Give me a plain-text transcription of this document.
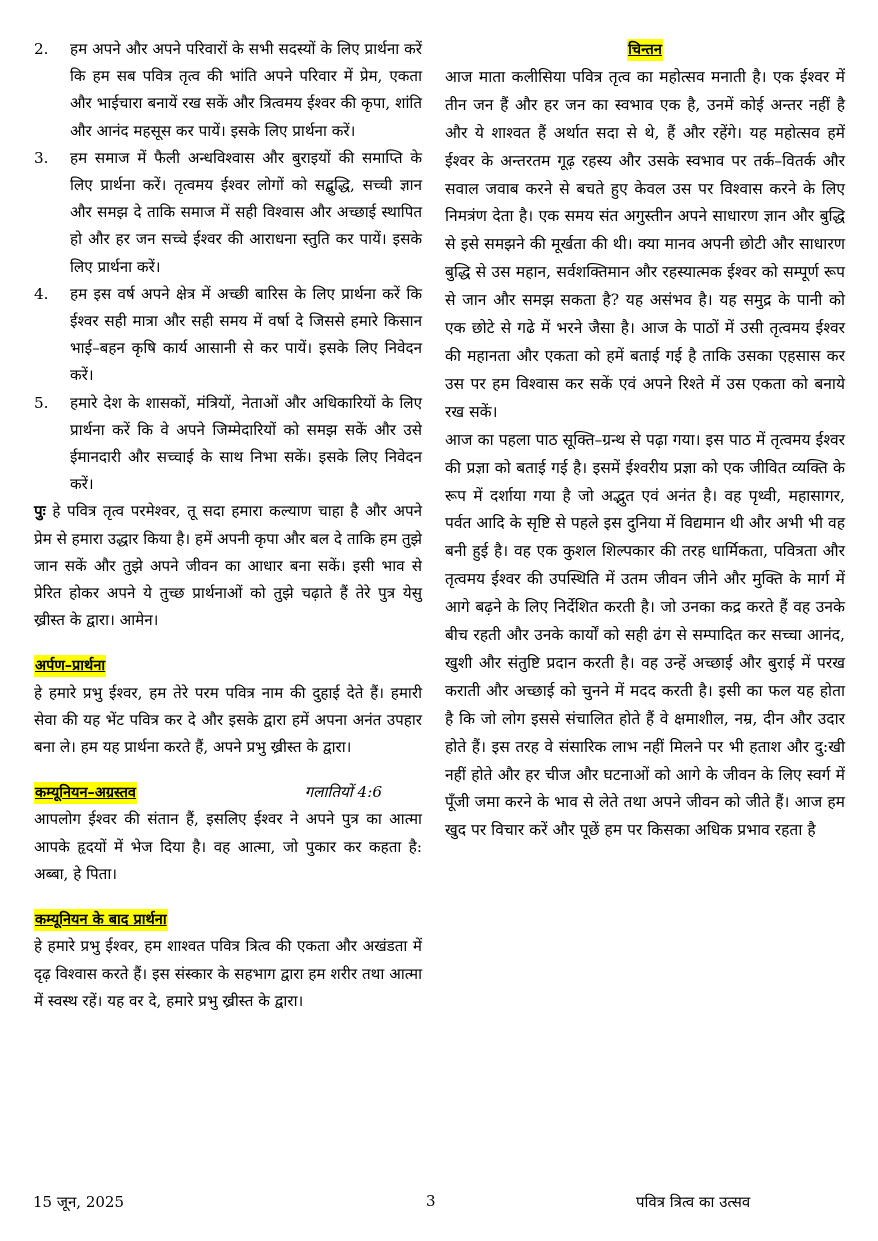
2.	हम अपने और अपने परिवारों के सभी सदस्यों के लिए प्रार्थना करें कि हम सब पवित्र तृत्व की भांति अपने परिवार में प्रेम, एकता और भाईचारा बनायें रख सकें और त्रित्वमय ईश्वर की कृपा, शांति और आनंद महसूस कर पायें। इसके लिए प्रार्थना करें।
3.	हम समाज में फैली अन्धविश्वास और बुराइयों की समाप्ति के लिए प्रार्थना करें। तृत्वमय ईश्वर लोगों को सद्बुद्धि, सच्ची ज्ञान और समझ दे ताकि समाज में सही विश्वास और अच्छाई स्थापित हो और हर जन सच्चे ईश्वर की आराधना स्तुति कर पायें। इसके लिए प्रार्थना करें।
4.	हम इस वर्ष अपने क्षेत्र में अच्छी बारिस के लिए प्रार्थना करें कि ईश्वर सही मात्रा और सही समय में वर्षा दे जिससे हमारे किसान भाई–बहन कृषि कार्य आसानी से कर पायें। इसके लिए निवेदन करें।
5.	हमारे देश के शासकों, मंत्रियों, नेताओं और अधिकारियों के लिए प्रार्थना करें कि वे अपने जिम्मेदारियों को समझ सकें और उसे ईमानदारी और सच्चाई के साथ निभा सकें। इसके लिए निवेदन करें।

पुः हे पवित्र तृत्व परमेश्वर, तू सदा हमारा कल्याण चाहा है और अपने प्रेम से हमारा उद्धार किया है। हमें अपनी कृपा और बल दे ताकि हम तुझे जान सकें और तुझे अपने जीवन का आधार बना सकें। इसी भाव से प्रेरित होकर अपने ये तुच्छ प्रार्थनाओं को तुझे चढ़ाते हैं तेरे पुत्र येसु ख्रीस्त के द्वारा। आमेन।

अर्पण–प्रार्थना

हे हमारे प्रभु ईश्वर, हम तेरे परम पवित्र नाम की दुहाई देते हैं। हमारी सेवा की यह भेंट पवित्र कर दे और इसके द्वारा हमें अपना अनंत उपहार बना ले। हम यह प्रार्थना करते हैं, अपने प्रभु ख्रीस्त के द्वारा।

कम्यूनियन–अग्रस्तव	गलातियों 4:6

आपलोग ईश्वर की संतान हैं, इसलिए ईश्वर ने अपने पुत्र का आत्मा आपके हृदयों में भेज दिया है। वह आत्मा, जो पुकार कर कहता है: अब्बा, हे पिता।

कम्यूनियन के बाद प्रार्थना

हे हमारे प्रभु ईश्वर, हम शाश्वत पवित्र त्रित्व की एकता और अखंडता में दृढ़ विश्वास करते हैं। इस संस्कार के सहभाग द्वारा हम शरीर तथा आत्मा में स्वस्थ रहें। यह वर दे, हमारे प्रभु ख्रीस्त के द्वारा।

चिन्तन

आज माता कलीसिया पवित्र तृत्व का महोत्सव मनाती है। एक ईश्वर में तीन जन हैं और हर जन का स्वभाव एक है, उनमें कोई अन्तर नहीं है और ये शाश्वत हैं अर्थात सदा से थे, हैं और रहेंगे। यह महोत्सव हमें ईश्वर के अन्तरतम गूढ़ रहस्य और उसके स्वभाव पर तर्क–वितर्क और सवाल जवाब करने से बचते हुए केवल उस पर विश्वास करने के लिए निमत्रंण देता है। एक समय संत अगुस्तीन अपने साधारण ज्ञान और बुद्धि से इसे समझने की मूर्खता की थी। क्या मानव अपनी छोटी और साधारण बुद्धि से उस महान, सर्वशक्तिमान और रहस्यात्मक ईश्वर को सम्पूर्ण रूप से जान और समझ सकता है? यह असंभव है। यह समुद्र के पानी को एक छोटे से गढे में भरने जैसा है। आज के पाठों में उसी तृत्वमय ईश्वर की महानता और एकता को हमें बताई गई है ताकि उसका एहसास कर उस पर हम विश्वास कर सकें एवं अपने रिश्ते में उस एकता को बनाये रख सकें।

आज का पहला पाठ सूक्ति–ग्रन्थ से पढ़ा गया। इस पाठ में तृत्वमय ईश्वर की प्रज्ञा को बताई गई है। इसमें ईश्वरीय प्रज्ञा को एक जीवित व्यक्ति के रूप में दर्शाया गया है जो अद्भुत एवं अनंत है। वह पृथ्वी, महासागर, पर्वत आदि के सृष्टि से पहले इस दुनिया में विद्यमान थी और अभी भी वह बनी हुई है। वह एक कुशल शिल्पकार की तरह धार्मिकता, पवित्रता और तृत्वमय ईश्वर की उपस्थिति में उतम जीवन जीने और मुक्ति के मार्ग में आगे बढ़ने के लिए निर्देशित करती है। जो उनका कद्र करते हैं वह उनके बीच रहती और उनके कार्यों को सही ढंग से सम्पादित कर सच्चा आनंद, खुशी और संतुष्टि प्रदान करती है। वह उन्हें अच्छाई और बुराई में परख कराती और अच्छाई को चुनने में मदद करती है। इसी का फल यह होता है कि जो लोग इससे संचालित होते हैं वे क्षमाशील, नम्र, दीन और उदार होते हैं। इस तरह वे संसारिक लाभ नहीं मिलने पर भी हताश और दु:खी नहीं होते और हर चीज और घटनाओं को आगे के जीवन के लिए स्वर्ग में पूँजी जमा करने के भाव से लेते तथा अपने जीवन को जीते हैं। आज हम खुद पर विचार करें और पूछें हम पर किसका अधिक प्रभाव रहता है

15 जून, 2025	3	पवित्र त्रित्व का उत्सव
